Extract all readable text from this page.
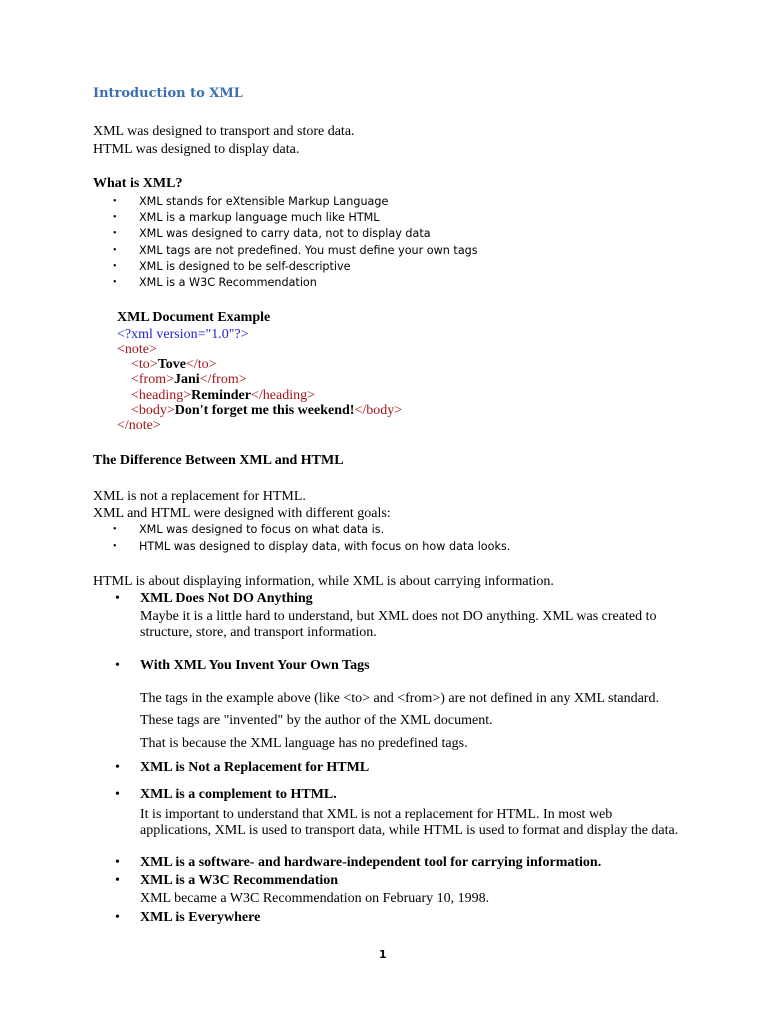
Introduction to XML
XML was designed to transport and store data.
HTML was designed to display data.
What is XML?
• XML stands for eXtensible Markup Language
• XML is a markup language much like HTML
• XML was designed to carry data, not to display data
• XML tags are not predefined. You must define your own tags
• XML is designed to be self-descriptive
• XML is a W3C Recommendation
XML Document Example
<?xml version="1.0"?>
<note>
<to>Tove</to>
<from>Jani</from>
<heading>Reminder</heading>
<body>Don't forget me this weekend!</body>
</note>
The Difference Between XML and HTML
XML is not a replacement for HTML.
XML and HTML were designed with different goals:
• XML was designed to focus on what data is.
• HTML was designed to display data, with focus on how data looks.
HTML is about displaying information, while XML is about carrying information.
•	XML Does Not DO Anything
Maybe it is a little hard to understand, but XML does not DO anything. XML was created to structure, store, and transport information.
•	With XML You Invent Your Own Tags
The tags in the example above (like <to> and <from>) are not defined in any XML standard.
These tags are "invented" by the author of the XML document.
That is because the XML language has no predefined tags.
•	XML is Not a Replacement for HTML
•	XML is a complement to HTML.
It is important to understand that XML is not a replacement for HTML. In most web applications, XML is used to transport data, while HTML is used to format and display the data.
•	XML is a software- and hardware-independent tool for carrying information.
•	XML is a W3C Recommendation
XML became a W3C Recommendation on February 10, 1998.
•	XML is Everywhere
1
